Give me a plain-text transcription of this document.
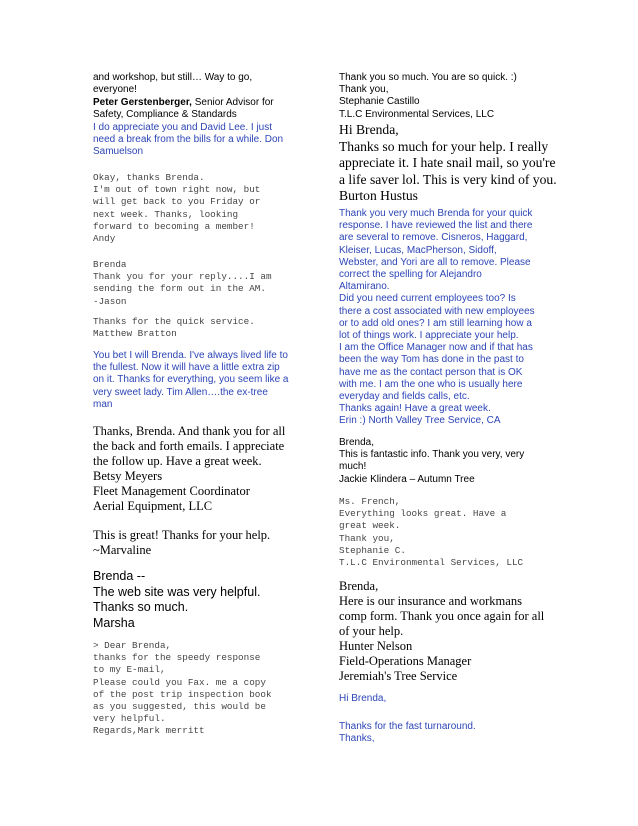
and workshop, but still… Way to go,
everyone!
Peter Gerstenberger, Senior Advisor for
Safety, Compliance & Standards
I do appreciate you and David Lee. I just
need a break from the bills for a while. Don
Samuelson
Okay, thanks Brenda.
I'm out of town right now, but
will get back to you Friday or
next week. Thanks, looking
forward to becoming a member!
Andy
Brenda
Thank you for your reply....I am
sending the form out in the AM.
-Jason
Thanks for the quick service.
Matthew Bratton
You bet I will Brenda. I've always lived life to
the fullest. Now it will have a little extra zip
on it. Thanks for everything, you seem like a
very sweet lady. Tim Allen….the ex-tree
man
Thanks, Brenda. And thank you for all
the back and forth emails. I appreciate
the follow up. Have a great week.
Betsy Meyers
Fleet Management Coordinator
Aerial Equipment, LLC
This is great! Thanks for your help.
~Marvaline
Brenda --
The web site was very helpful.
Thanks so much.
Marsha
> Dear Brenda,
thanks for the speedy response
to my E-mail,
Please could you Fax. me a copy
of the post trip inspection book
as you suggested, this would be
very helpful.
Regards,Mark merritt
Thank you so much. You are so quick. :)
Thank you,
Stephanie Castillo
T.L.C Environmental Services, LLC
Hi Brenda,
Thanks so much for your help. I really
appreciate it. I hate snail mail, so you're
a life saver lol. This is very kind of you.
Burton Hustus
Thank you very much Brenda for your quick
response. I have reviewed the list and there
are several to remove. Cisneros, Haggard,
Kleiser, Lucas, MacPherson, Sidoff,
Webster, and Yori are all to remove. Please
correct the spelling for Alejandro
Altamirano.
Did you need current employees too? Is
there a cost associated with new employees
or to add old ones? I am still learning how a
lot of things work. I appreciate your help.
I am the Office Manager now and if that has
been the way Tom has done in the past to
have me as the contact person that is OK
with me. I am the one who is usually here
everyday and fields calls, etc.
Thanks again! Have a great week.
Erin :) North Valley Tree Service, CA
Brenda,
This is fantastic info. Thank you very, very
much!
Jackie Klindera – Autumn Tree
Ms. French,
Everything looks great. Have a
great week.
Thank you,
Stephanie C.
T.L.C Environmental Services, LLC
Brenda,
Here is our insurance and workmans
comp form. Thank you once again for all
of your help.
Hunter Nelson
Field-Operations Manager
Jeremiah's Tree Service
Hi Brenda,
Thanks for the fast turnaround.
Thanks,
